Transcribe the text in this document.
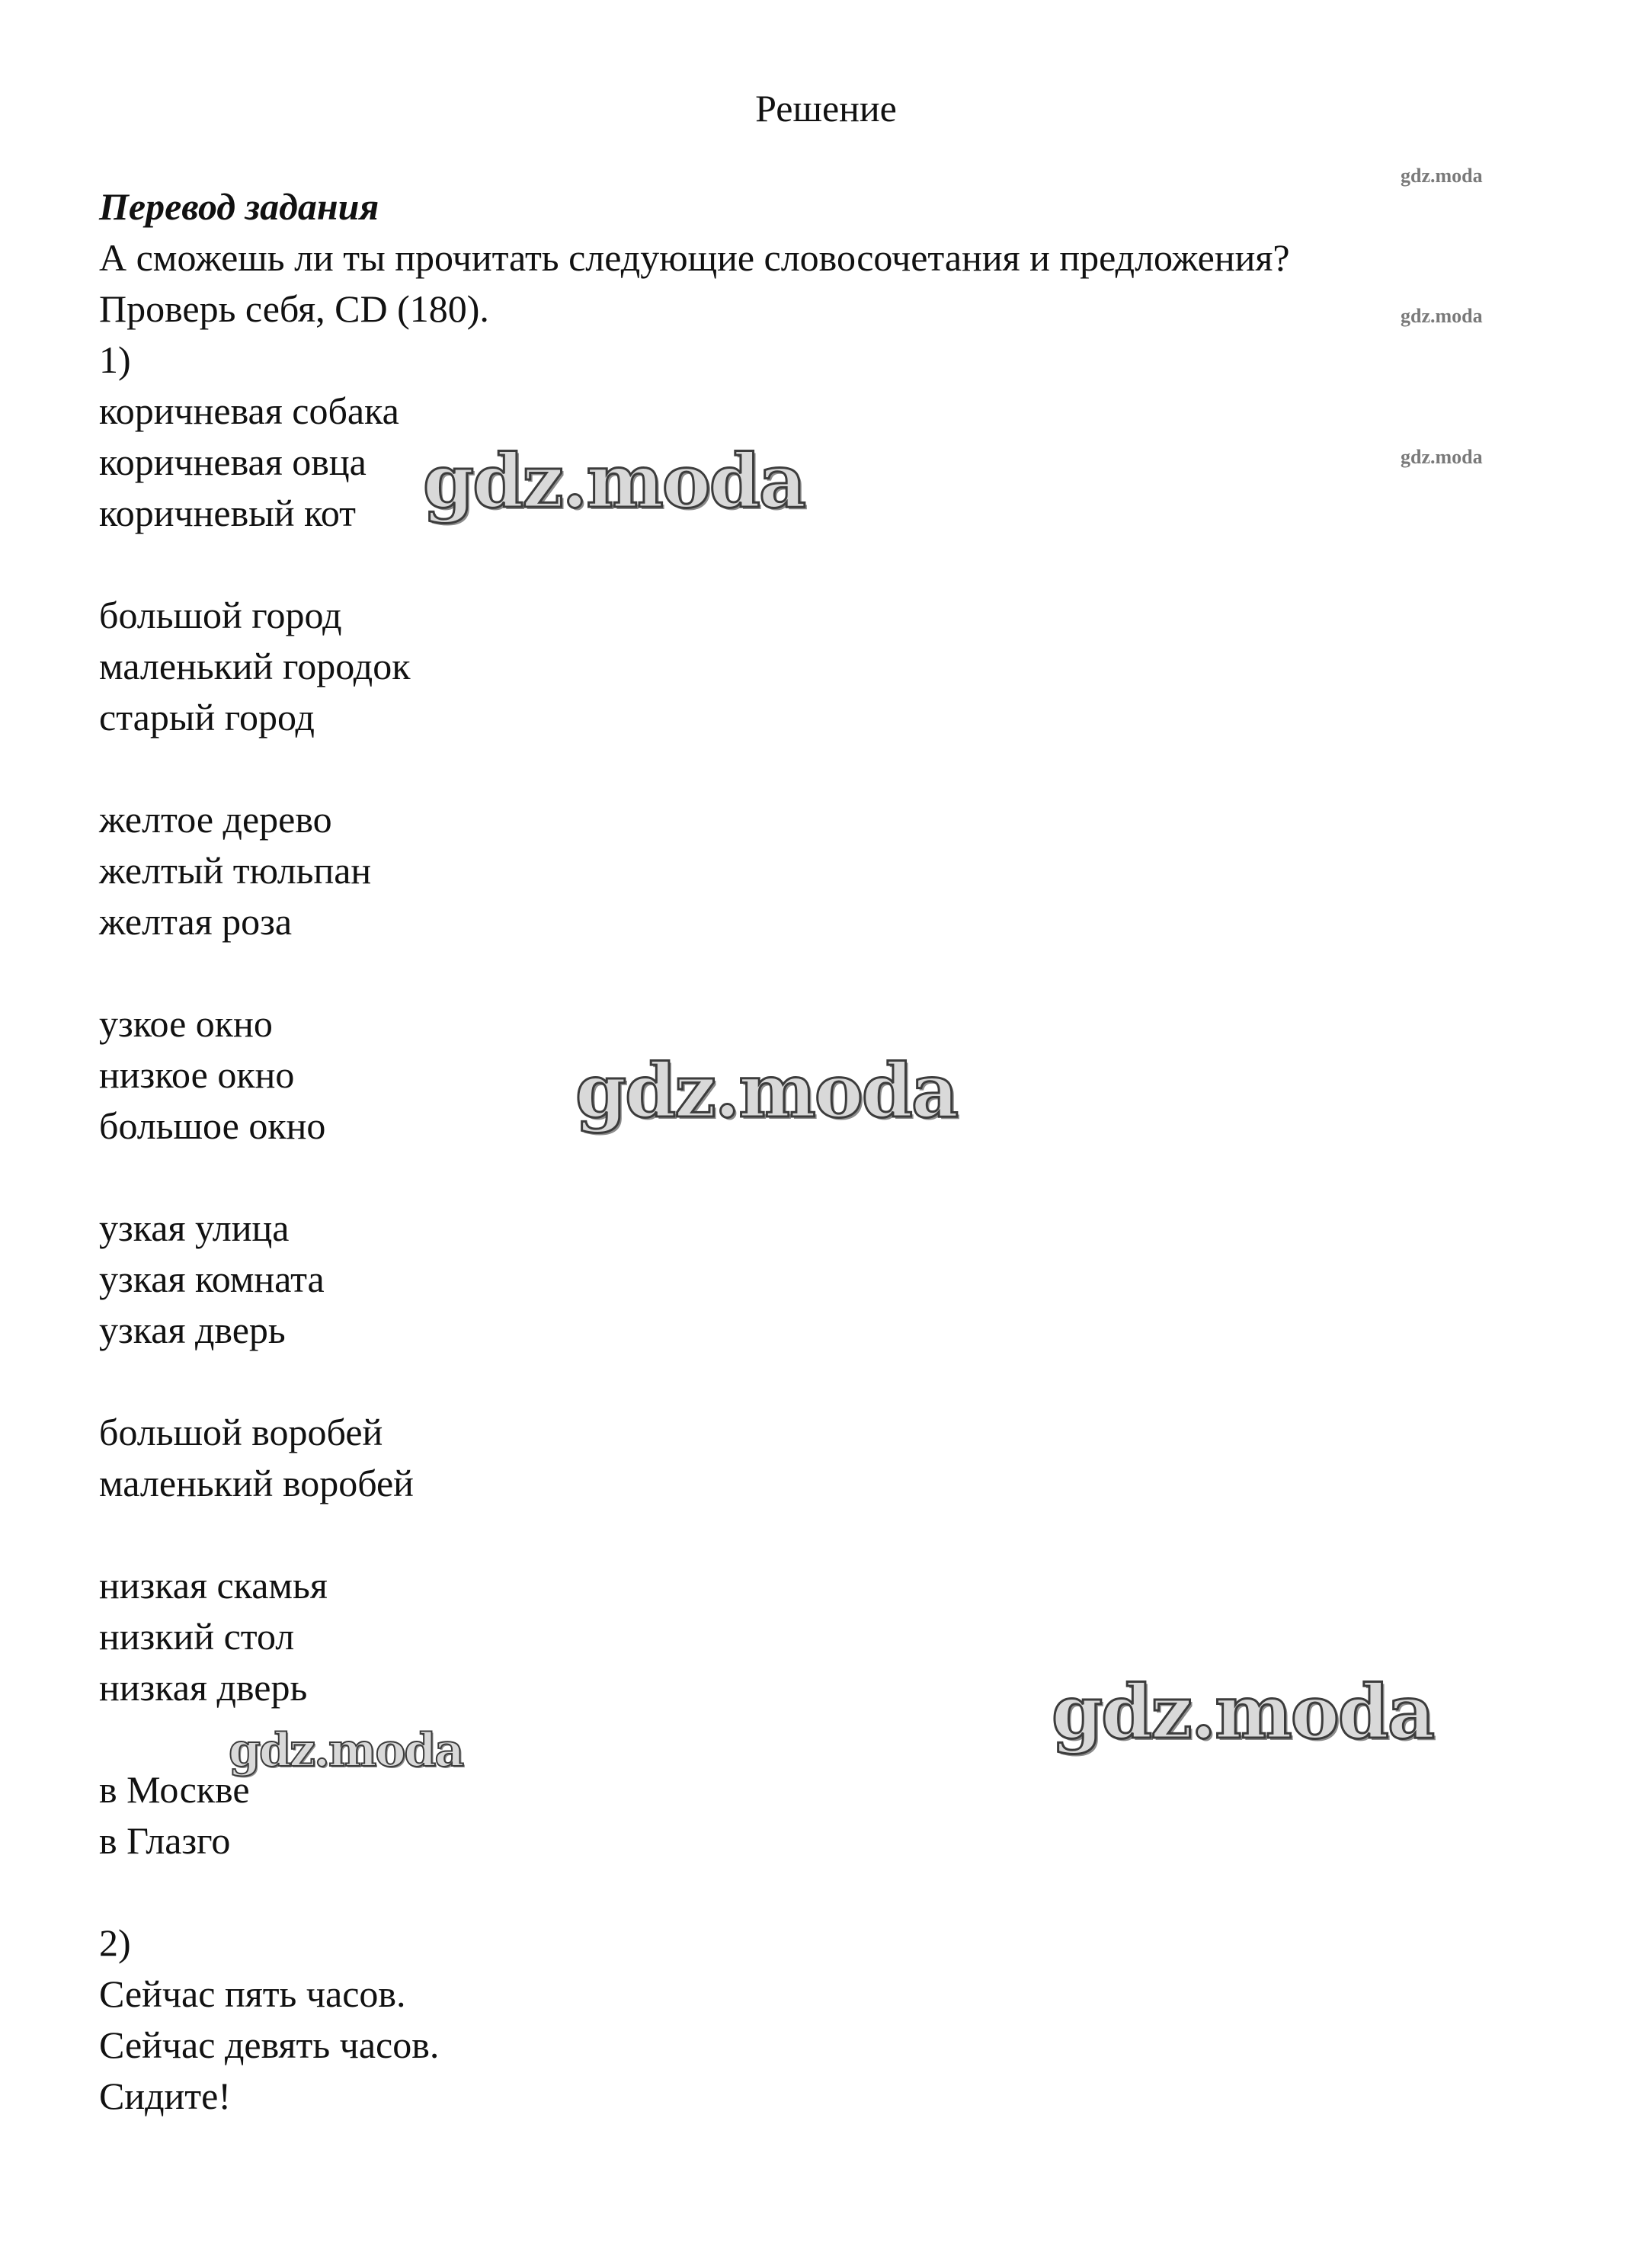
Решение
Перевод задания
А сможешь ли ты прочитать следующие словосочетания и предложения?
Проверь себя, CD (180).
1)
коричневая собака
коричневая овца
коричневый кот
большой город
маленький городок
старый город
желтое дерево
желтый тюльпан
желтая роза
узкое окно
низкое окно
большое окно
узкая улица
узкая комната
узкая дверь
большой воробей
маленький воробей
низкая скамья
низкий стол
низкая дверь
в Москве
в Глазго
2)
Сейчас пять часов.
Сейчас девять часов.
Сидите!
gdz.moda
gdz.moda
gdz.moda
gdz.moda
gdz.moda
gdz.moda
gdz.moda
